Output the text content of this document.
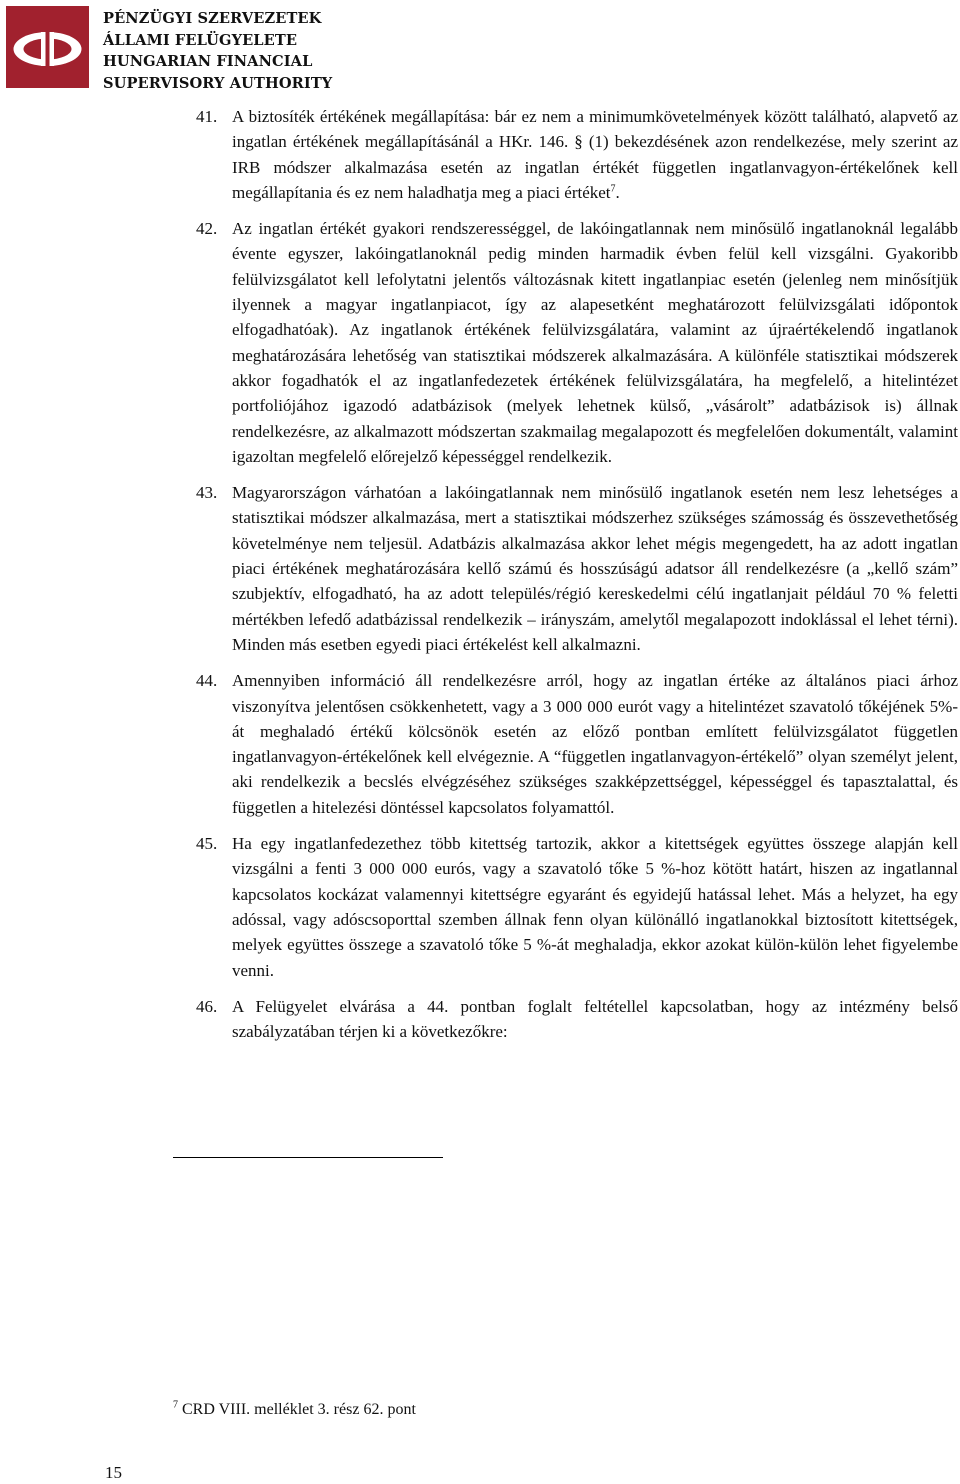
PÉNZÜGYI SZERVEZETEK
ÁLLAMI FELÜGYELETE
HUNGARIAN FINANCIAL
SUPERVISORY AUTHORITY
41. A biztosíték értékének megállapítása: bár ez nem a minimumkövetelmények között található, alapvető az ingatlan értékének megállapításánál a HKr. 146. § (1) bekezdésének azon rendelkezése, mely szerint az IRB módszer alkalmazása esetén az ingatlan értékét független ingatlanvagyon-értékelőnek kell megállapítania és ez nem haladhatja meg a piaci értéket$^7$.
42. Az ingatlan értékét gyakori rendszerességgel, de lakóingatlannak nem minősülő ingatlanoknál legalább évente egyszer, lakóingatlanoknál pedig minden harmadik évben felül kell vizsgálni. Gyakoribb felülvizsgálatot kell lefolytatni jelentős változásnak kitett ingatlanpiac esetén (jelenleg nem minősítjük ilyennek a magyar ingatlanpiacot, így az alapesetként meghatározott felülvizsgálati időpontok elfogadhatóak). Az ingatlanok értékének felülvizsgálatára, valamint az újraértékelendő ingatlanok meghatározására lehetőség van statisztikai módszerek alkalmazására. A különféle statisztikai módszerek akkor fogadhatók el az ingatlanfedezetek értékének felülvizsgálatára, ha megfelelő, a hitelintézet portfoliójához igazodó adatbázisok (melyek lehetnek külső, „vásárolt” adatbázisok is) állnak rendelkezésre, az alkalmazott módszertan szakmailag megalapozott és megfelelően dokumentált, valamint igazoltan megfelelő előrejelző képességgel rendelkezik.
43. Magyarországon várhatóan a lakóingatlannak nem minősülő ingatlanok esetén nem lesz lehetséges a statisztikai módszer alkalmazása, mert a statisztikai módszerhez szükséges számosság és összevethetőség követelménye nem teljesül. Adatbázis alkalmazása akkor lehet mégis megengedett, ha az adott ingatlan piaci értékének meghatározására kellő számú és hosszúságú adatsor áll rendelkezésre (a „kellő szám” szubjektív, elfogadható, ha az adott település/régió kereskedelmi célú ingatlanjait például 70 % feletti mértékben lefedő adatbázissal rendelkezik – irányszám, amelytől megalapozott indoklással el lehet térni). Minden más esetben egyedi piaci értékelést kell alkalmazni.
44. Amennyiben információ áll rendelkezésre arról, hogy az ingatlan értéke az általános piaci árhoz viszonyítva jelentősen csökkenhetett, vagy a 3 000 000 eurót vagy a hitelintézet szavatoló tőkéjének 5%-át meghaladó értékű kölcsönök esetén az előző pontban említett felülvizsgálatot független ingatlanvagyon-értékelőnek kell elvégeznie. A “független ingatlanvagyon-értékelő” olyan személyt jelent, aki rendelkezik a becslés elvégzéséhez szükséges szakképzettséggel, képességgel és tapasztalattal, és független a hitelezési döntéssel kapcsolatos folyamattól.
45. Ha egy ingatlanfedezethez több kitettség tartozik, akkor a kitettségek együttes összege alapján kell vizsgálni a fenti 3 000 000 eurós, vagy a szavatoló tőke 5 %-hoz kötött határt, hiszen az ingatlannal kapcsolatos kockázat valamennyi kitettségre egyaránt és egyidejű hatással lehet. Más a helyzet, ha egy adóssal, vagy adóscsoporttal szemben állnak fenn olyan különálló ingatlanokkal biztosított kitettségek, melyek együttes összege a szavatoló tőke 5 %-át meghaladja, ekkor azokat külön-külön lehet figyelembe venni.
46. A Felügyelet elvárása a 44. pontban foglalt feltétellel kapcsolatban, hogy az intézmény belső szabályzatában térjen ki a következőkre:
$^7$ CRD VIII. melléklet 3. rész 62. pont
15
